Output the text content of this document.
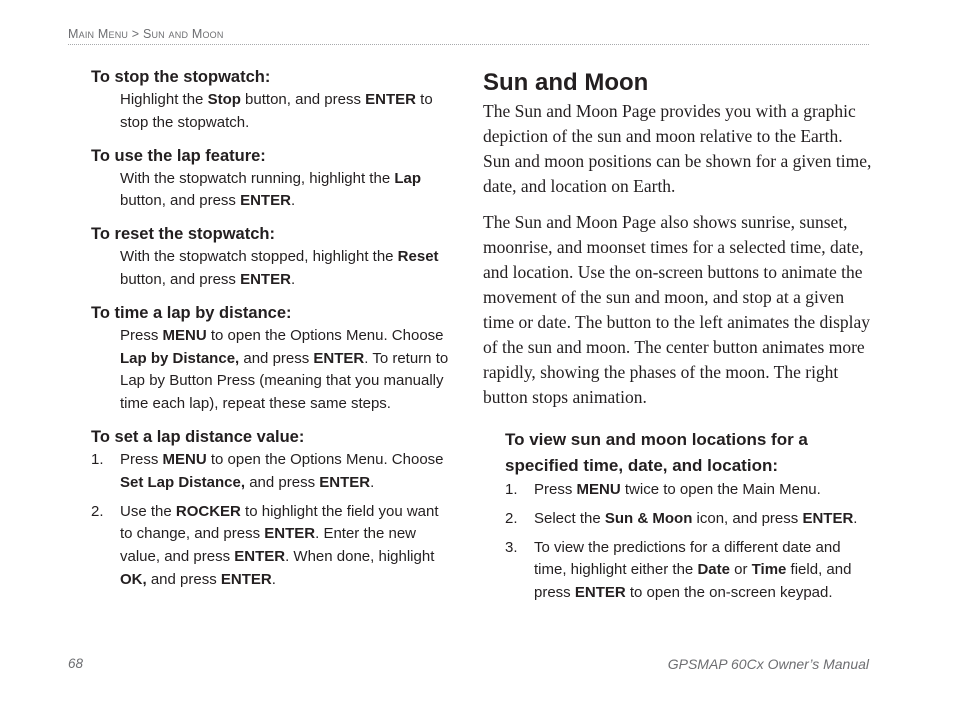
Main Menu > Sun and Moon
To stop the stopwatch:
Highlight the Stop button, and press ENTER to stop the stopwatch.
To use the lap feature:
With the stopwatch running, highlight the Lap button, and press ENTER.
To reset the stopwatch:
With the stopwatch stopped, highlight the Reset button, and press ENTER.
To time a lap by distance:
Press MENU to open the Options Menu. Choose Lap by Distance, and press ENTER. To return to Lap by Button Press (meaning that you manually time each lap), repeat these same steps.
To set a lap distance value:
1. Press MENU to open the Options Menu. Choose Set Lap Distance, and press ENTER.
2. Use the ROCKER to highlight the field you want to change, and press ENTER. Enter the new value, and press ENTER. When done, highlight OK, and press ENTER.
Sun and Moon

The Sun and Moon Page provides you with a graphic depiction of the sun and moon relative to the Earth. Sun and moon positions can be shown for a given time, date, and location on Earth.

The Sun and Moon Page also shows sunrise, sunset, moonrise, and moonset times for a selected time, date, and location. Use the on-screen buttons to animate the movement of the sun and moon, and stop at a given time or date. The button to the left animates the display of the sun and moon. The center button animates more rapidly, showing the phases of the moon. The right button stops animation.

To view sun and moon locations for a specified time, date, and location:
1. Press MENU twice to open the Main Menu.
2. Select the Sun & Moon icon, and press ENTER.
3. To view the predictions for a different date and time, highlight either the Date or Time field, and press ENTER to open the on-screen keypad.
68	GPSMAP 60Cx Owner’s Manual
